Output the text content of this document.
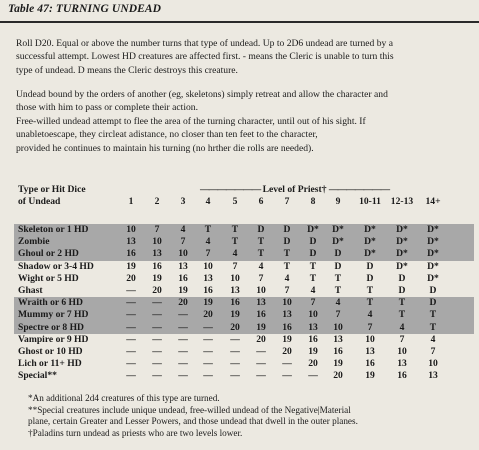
Table 47: TURNING UNDEAD
Roll D20. Equal or above the number turns that type of undead. Up to 2D6 undead are turned by a
successful attempt. Lowest HD creatures are affected first. - means the Cleric is unable to turn this
type of undead. D means the Cleric destroys this creature.
Undead bound by the orders of another (eg, skeletons) simply retreat and allow the character and
those with him to pass or complete their action.
Free-willed undead attempt to flee the area of the turning character, until out of his sight. If
unabletoescape, they circleat adistance, no closer than ten feet to the character,
provided he continues to maintain his turning (no hrther die rolls are needed).
Type or Hit Dice
of Undead
——————— Level of Priest† ———————
1	2	3	4	5	6	7	8	9	10-11	12-13	14+
Skeleton or 1 HD	10	7	4	T	T	D	D	D*	D*	D*	D*	D*
Zombie	13	10	7	4	T	T	D	D	D*	D*	D*	D*
Ghoul or 2 HD	16	13	10	7	4	T	T	D	D	D*	D*	D*
Shadow or 3-4 HD	19	16	13	10	7	4	T	T	D	D	D*	D*
Wight or 5 HD	20	19	16	13	10	7	4	T	T	D	D	D*
Ghast	—	20	19	16	13	10	7	4	T	T	D	D
Wraith or 6 HD	—	—	20	19	16	13	10	7	4	T	T	D
Mummy or 7 HD	—	—	—	20	19	16	13	10	7	4	T	T
Spectre or 8 HD	—	—	—	—	20	19	16	13	10	7	4	T
Vampire or 9 HD	—	—	—	—	—	20	19	16	13	10	7	4
Ghost or 10 HD	—	—	—	—	—	—	20	19	16	13	10	7
Lich or 11+ HD	—	—	—	—	—	—	—	20	19	16	13	10
Special**	—	—	—	—	—	—	—	—	20	19	16	13
*An additional 2d4 creatures of this type are turned.
**Special creatures include unique undead, free-willed undead of the Negative|Material
plane, certain Greater and Lesser Powers, and those undead that dwell in the outer planes.
†Paladins turn undead as priests who are two levels lower.
